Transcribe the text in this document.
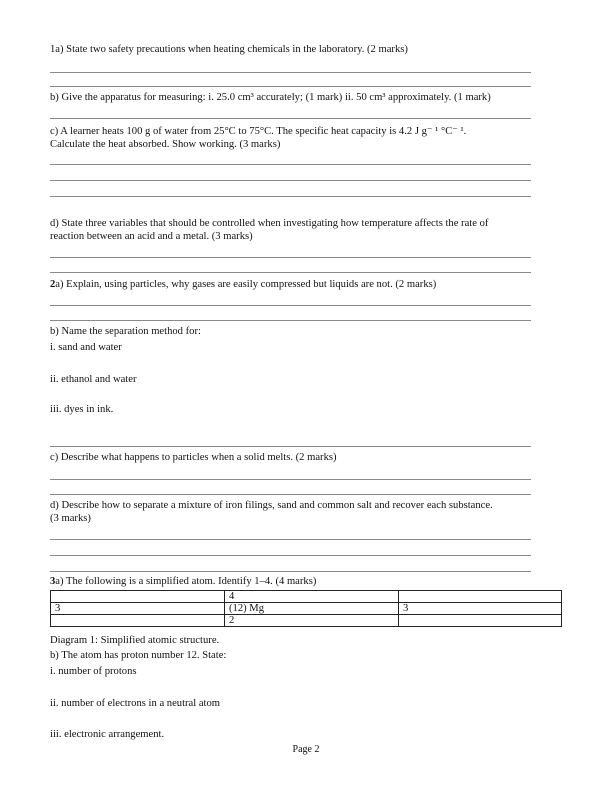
1a) State two safety precautions when heating chemicals in the laboratory. (2 marks)
b) Give the apparatus for measuring: i. 25.0 cm³ accurately; (1 mark) ii. 50 cm³ approximately. (1 mark)
c) A learner heats 100 g of water from 25°C to 75°C. The specific heat capacity is 4.2 J g⁻ ¹ °C⁻ ¹.
Calculate the heat absorbed. Show working. (3 marks)
d) State three variables that should be controlled when investigating how temperature affects the rate of
reaction between an acid and a metal. (3 marks)
2a) Explain, using particles, why gases are easily compressed but liquids are not. (2 marks)
b) Name the separation method for:
i. sand and water
ii. ethanol and water
iii. dyes in ink.
c) Describe what happens to particles when a solid melts. (2 marks)
d) Describe how to separate a mixture of iron filings, sand and common salt and recover each substance.
(3 marks)
3a) The following is a simplified atom. Identify 1–4. (4 marks)
	4	
3	(12) Mg	3
	2	
Diagram 1: Simplified atomic structure.
b) The atom has proton number 12. State:
i. number of protons
ii. number of electrons in a neutral atom
iii. electronic arrangement.
Page 2
